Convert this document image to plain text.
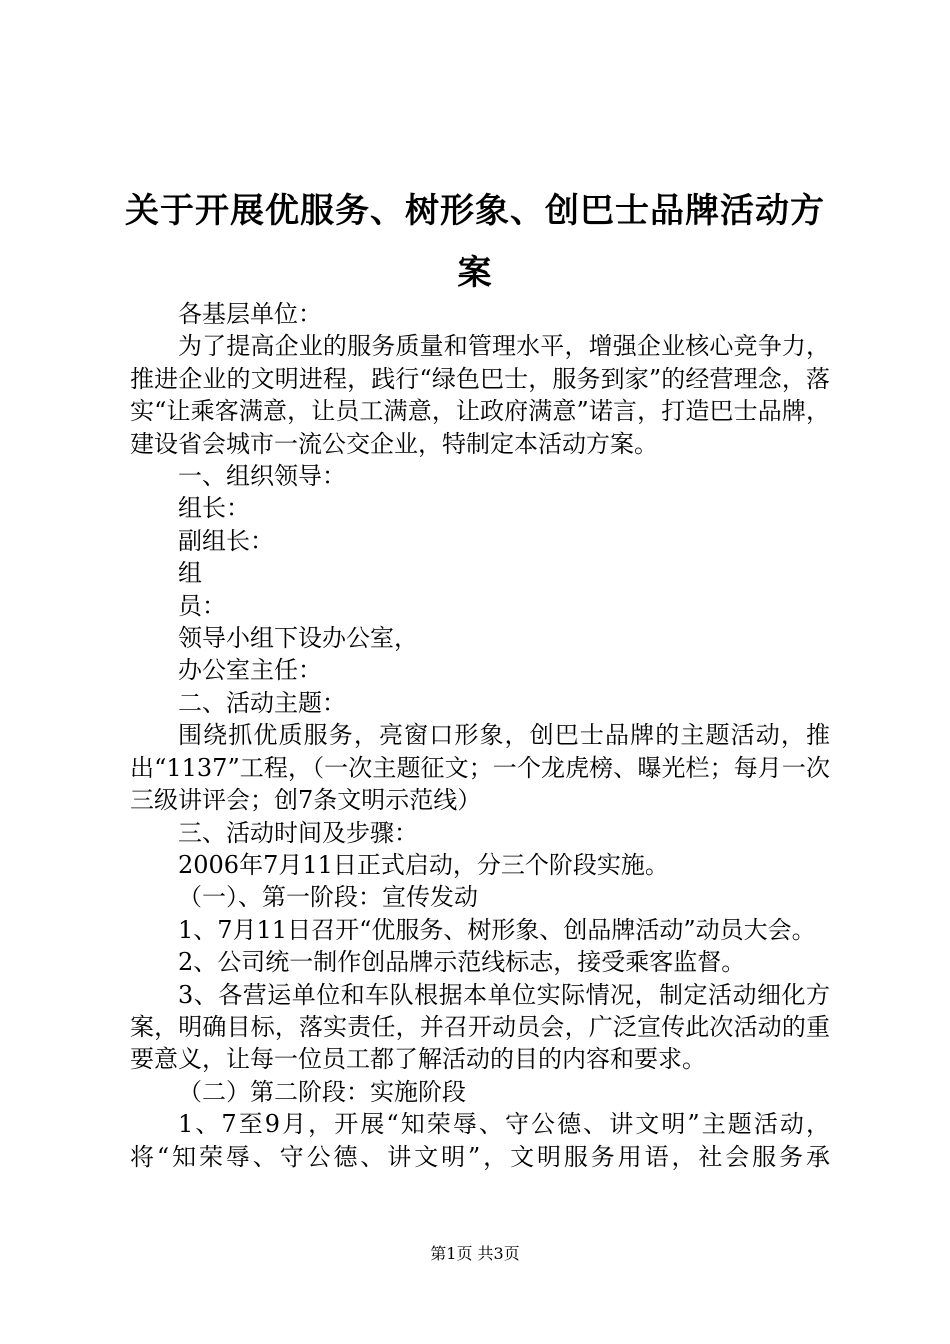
关于开展优服务、树形象、创巴士品牌活动方案

各基层单位：

为了提高企业的服务质量和管理水平，增强企业核心竞争力，推进企业的文明进程，践行“绿色巴士，服务到家”的经营理念，落实“让乘客满意，让员工满意，让政府满意”诺言，打造巴士品牌，建设省会城市一流公交企业，特制定本活动方案。

一、组织领导：

组长：

副组长：

组

员：

领导小组下设办公室，

办公室主任：

二、活动主题：

围绕抓优质服务，亮窗口形象，创巴士品牌的主题活动，推出“1137”工程，（一次主题征文；一个龙虎榜、曝光栏；每月一次三级讲评会；创7条文明示范线）

三、活动时间及步骤：

2006年7月11日正式启动，分三个阶段实施。

（一）、第一阶段：宣传发动

1、7月11日召开“优服务、树形象、创品牌活动”动员大会。

2、公司统一制作创品牌示范线标志，接受乘客监督。

3、各营运单位和车队根据本单位实际情况，制定活动细化方案，明确目标，落实责任，并召开动员会，广泛宣传此次活动的重要意义，让每一位员工都了解活动的目的内容和要求。

（二）第二阶段：实施阶段

1、7至9月，开展“知荣辱、守公德、讲文明”主题活动，将“知荣辱、守公德、讲文明”，文明服务用语，社会服务承

第1页 共3页
